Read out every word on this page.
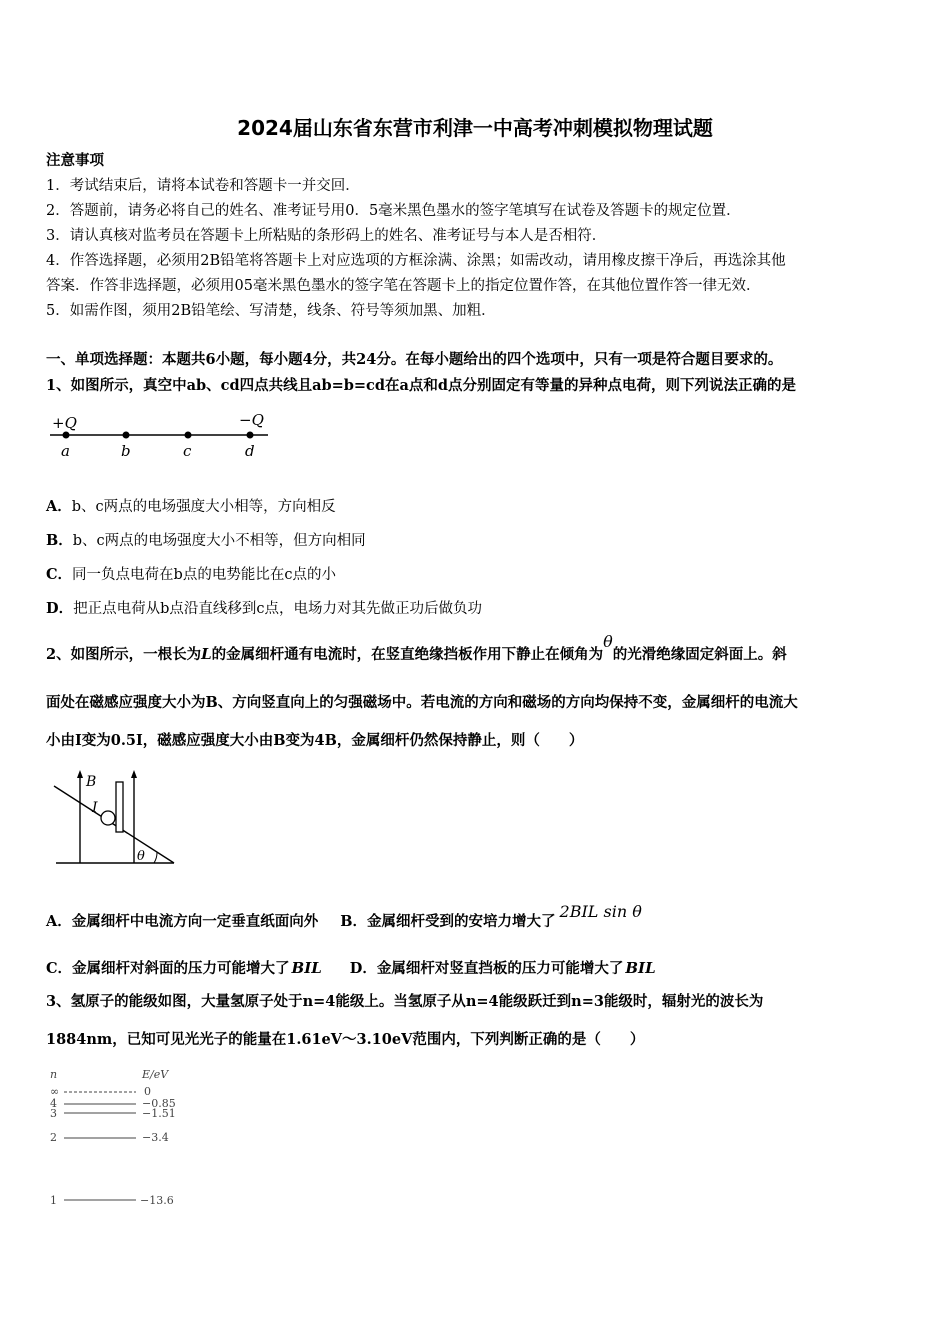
2024届山东省东营市利津一中高考冲刺模拟物理试题
注意事项
1．考试结束后，请将本试卷和答题卡一并交回．
2．答题前，请务必将自己的姓名、准考证号用0．5毫米黑色墨水的签字笔填写在试卷及答题卡的规定位置．
3．请认真核对监考员在答题卡上所粘贴的条形码上的姓名、准考证号与本人是否相符．
4．作答选择题，必须用2B铅笔将答题卡上对应选项的方框涂满、涂黑；如需改动，请用橡皮擦干净后，再选涂其他
答案．作答非选择题，必须用05毫米黑色墨水的签字笔在答题卡上的指定位置作答，在其他位置作答一律无效．
5．如需作图，须用2B铅笔绘、写清楚，线条、符号等须加黑、加粗．
一、单项选择题：本题共6小题，每小题4分，共24分。在每小题给出的四个选项中，只有一项是符合题目要求的。
1、如图所示，真空中ab、cd四点共线且ab=b=cd在a点和d点分别固定有等量的异种点电荷，则下列说法正确的是
+Q	−Q
a	b	c	d
A．b、c两点的电场强度大小相等，方向相反
B．b、c两点的电场强度大小不相等，但方向相同
C．同一负点电荷在b点的电势能比在c点的小
D．把正点电荷从b点沿直线移到c点，电场力对其先做正功后做负功
2、如图所示，一根长为L的金属细杆通有电流时，在竖直绝缘挡板作用下静止在倾角为θ的光滑绝缘固定斜面上。斜
面处在磁感应强度大小为B、方向竖直向上的匀强磁场中。若电流的方向和磁场的方向均保持不变，金属细杆的电流大
小由I变为0.5I，磁感应强度大小由B变为4B，金属细杆仍然保持静止，则（　　）
B
I
θ
A．金属细杆中电流方向一定垂直纸面向外 B．金属细杆受到的安培力增大了2BIL sin θ
C．金属细杆对斜面的压力可能增大了 BIL D．金属细杆对竖直挡板的压力可能增大了 BIL
3、氢原子的能级如图，大量氢原子处于n=4能级上。当氢原子从n=4能级跃迁到n=3能级时，辐射光的波长为
1884nm，已知可见光光子的能量在1.61eV～3.10eV范围内，下列判断正确的是（　　）
n	E/eV
∞	0
4	−0.85
3	−1.51
2	−3.4
1	−13.6
